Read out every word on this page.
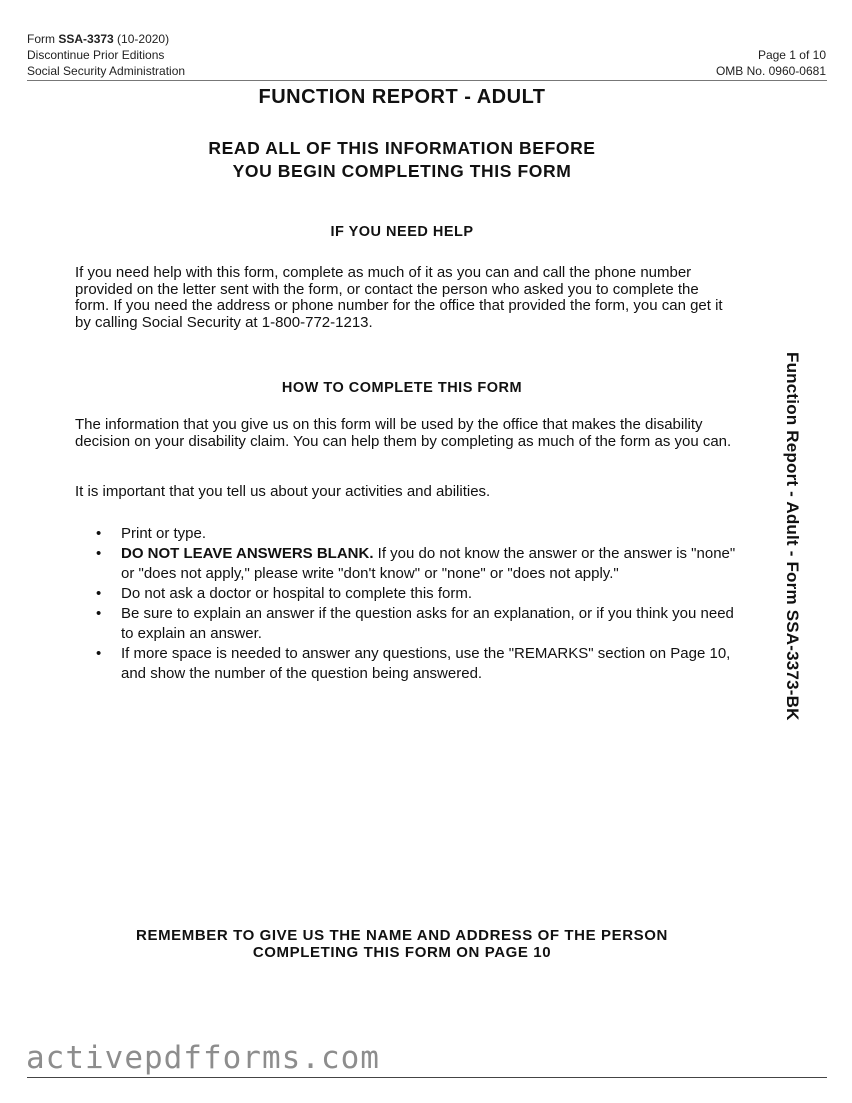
Form SSA-3373 (10-2020)
Discontinue Prior Editions
Social Security Administration
Page 1 of 10
OMB No. 0960-0681
FUNCTION REPORT - ADULT
READ ALL OF THIS INFORMATION BEFORE
YOU BEGIN COMPLETING THIS FORM
IF YOU NEED HELP
If you need help with this form, complete as much of it as you can and call the phone number provided on the letter sent with the form, or contact the person who asked you to complete the form. If you need the address or phone number for the office that provided the form, you can get it by calling Social Security at 1-800-772-1213.
HOW TO COMPLETE THIS FORM
The information that you give us on this form will be used by the office that makes the disability decision on your disability claim. You can help them by completing as much of the form as you can.
It is important that you tell us about your activities and abilities.
• Print or type.
• DO NOT LEAVE ANSWERS BLANK. If you do not know the answer or the answer is "none" or "does not apply," please write "don't know" or "none" or "does not apply."
• Do not ask a doctor or hospital to complete this form.
• Be sure to explain an answer if the question asks for an explanation, or if you think you need to explain an answer.
• If more space is needed to answer any questions, use the "REMARKS" section on Page 10, and show the number of the question being answered.
REMEMBER TO GIVE US THE NAME AND ADDRESS OF THE PERSON
COMPLETING THIS FORM ON PAGE 10
Function Report - Adult - Form SSA-3373-BK
activepdfforms.com
